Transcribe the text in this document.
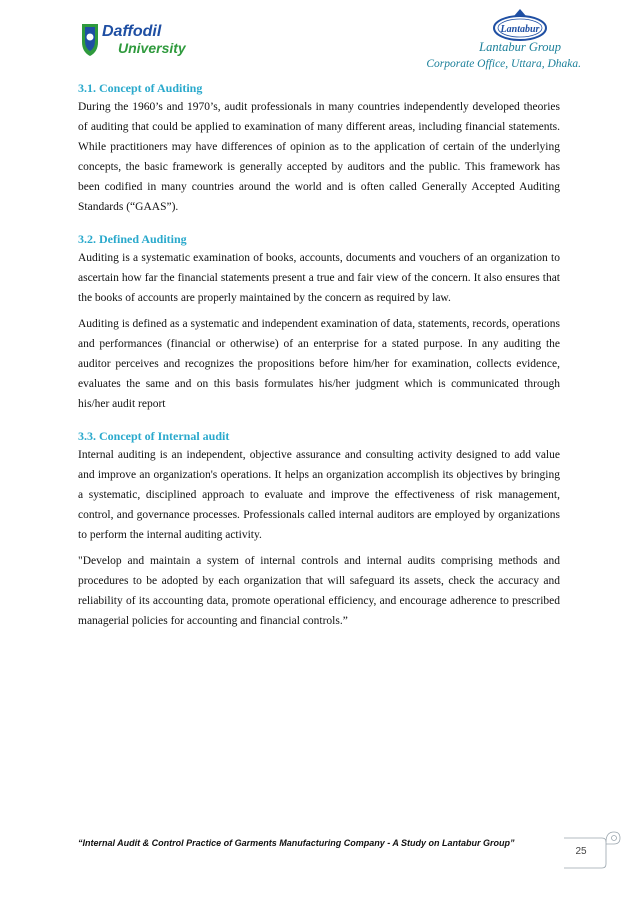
Daffodil
University
Lantabur
Lantabur Group
Corporate Office, Uttara, Dhaka.
3.1. Concept of Auditing

During the 1960’s and 1970’s, audit professionals in many countries independently developed theories of auditing that could be applied to examination of many different areas, including financial statements. While practitioners may have differences of opinion as to the application of certain of the underlying concepts, the basic framework is generally accepted by auditors and the public. This framework has been codified in many countries around the world and is often called Generally Accepted Auditing Standards (“GAAS”).

3.2. Defined Auditing

Auditing is a systematic examination of books, accounts, documents and vouchers of an organization to ascertain how far the financial statements present a true and fair view of the concern. It also ensures that the books of accounts are properly maintained by the concern as required by law.

Auditing is defined as a systematic and independent examination of data, statements, records, operations and performances (financial or otherwise) of an enterprise for a stated purpose. In any auditing the auditor perceives and recognizes the propositions before him/her for examination, collects evidence, evaluates the same and on this basis formulates his/her judgment which is communicated through his/her audit report

3.3. Concept of Internal audit

Internal auditing is an independent, objective assurance and consulting activity designed to add value and improve an organization's operations. It helps an organization accomplish its objectives by bringing a systematic, disciplined approach to evaluate and improve the effectiveness of risk management, control, and governance processes. Professionals called internal auditors are employed by organizations to perform the internal auditing activity.

"Develop and maintain a system of internal controls and internal audits comprising methods and procedures to be adopted by each organization that will safeguard its assets, check the accuracy and reliability of its accounting data, promote operational efficiency, and encourage adherence to prescribed managerial policies for accounting and financial controls.”

“Internal Audit & Control Practice of Garments Manufacturing Company - A Study on Lantabur Group”
25
